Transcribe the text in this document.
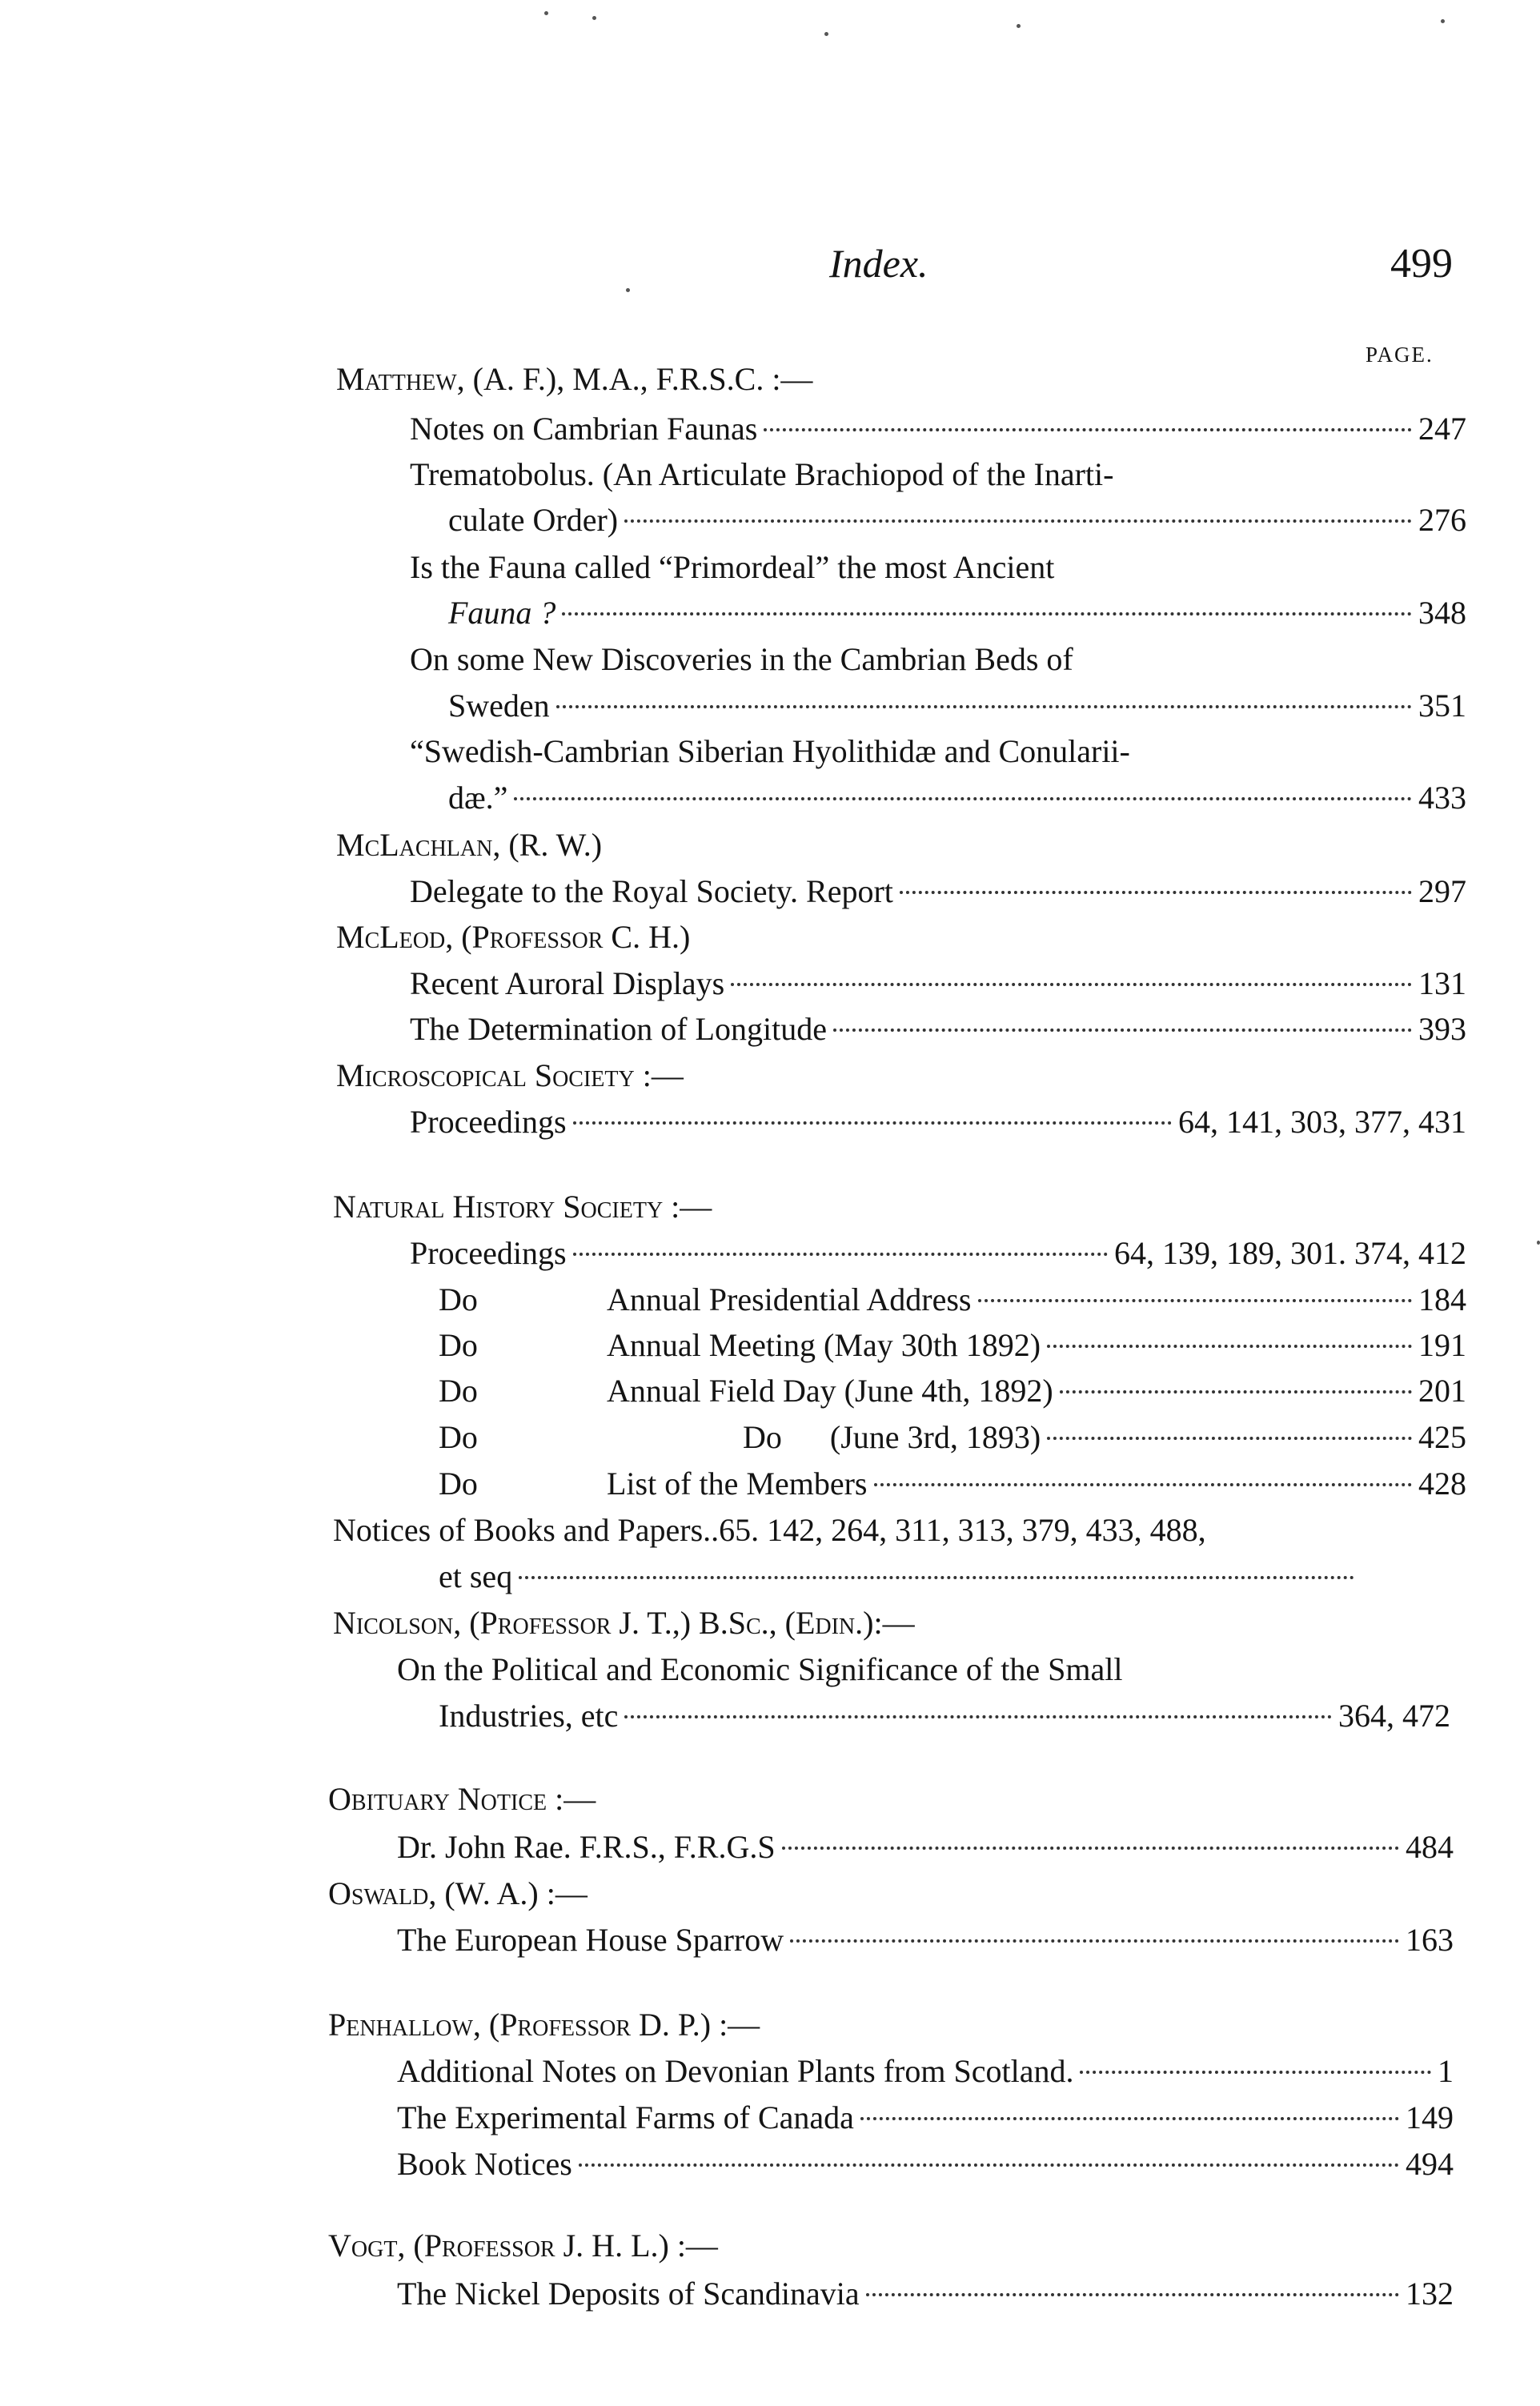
Index.	499
PAGE.
Matthew, (A. F.), M.A., F.R.S.C. :—
Notes on Cambrian Faunas	247
Trematobolus. (An Articulate Brachiopod of the Inarti-
culate Order)	276
Is the Fauna called “Primordeal” the most Ancient
Fauna ?	348
On some New Discoveries in the Cambrian Beds of
Sweden	351
“Swedish-Cambrian Siberian Hyolithidæ and Conularii-
dæ.”	433
McLachlan, (R. W.)
Delegate to the Royal Society. Report	297
McLeod, (Professor C. H.)
Recent Auroral Displays	131
The Determination of Longitude	393
Microscopical Society :—
Proceedings	64, 141, 303, 377, 431
Natural History Society :—
Proceedings	64, 139, 189, 301. 374, 412
Do	Annual Presidential Address	184
Do	Annual Meeting (May 30th 1892)	191
Do	Annual Field Day (June 4th, 1892)	201
Do	Do      (June 3rd, 1893)	425
Do	List of the Members	428
Notices of Books and Papers..65. 142, 264, 311, 313, 379, 433, 488,
et seq
Nicolson, (Professor J. T.,) B.Sc., (Edin.):—
On the Political and Economic Significance of the Small
Industries, etc	364, 472
Obituary Notice :—
Dr. John Rae. F.R.S., F.R.G.S	484
Oswald, (W. A.) :—
The European House Sparrow	163
Penhallow, (Professor D. P.) :—
Additional Notes on Devonian Plants from Scotland.	1
The Experimental Farms of Canada	149
Book Notices	494
Vogt, (Professor J. H. L.) :—
The Nickel Deposits of Scandinavia	132
